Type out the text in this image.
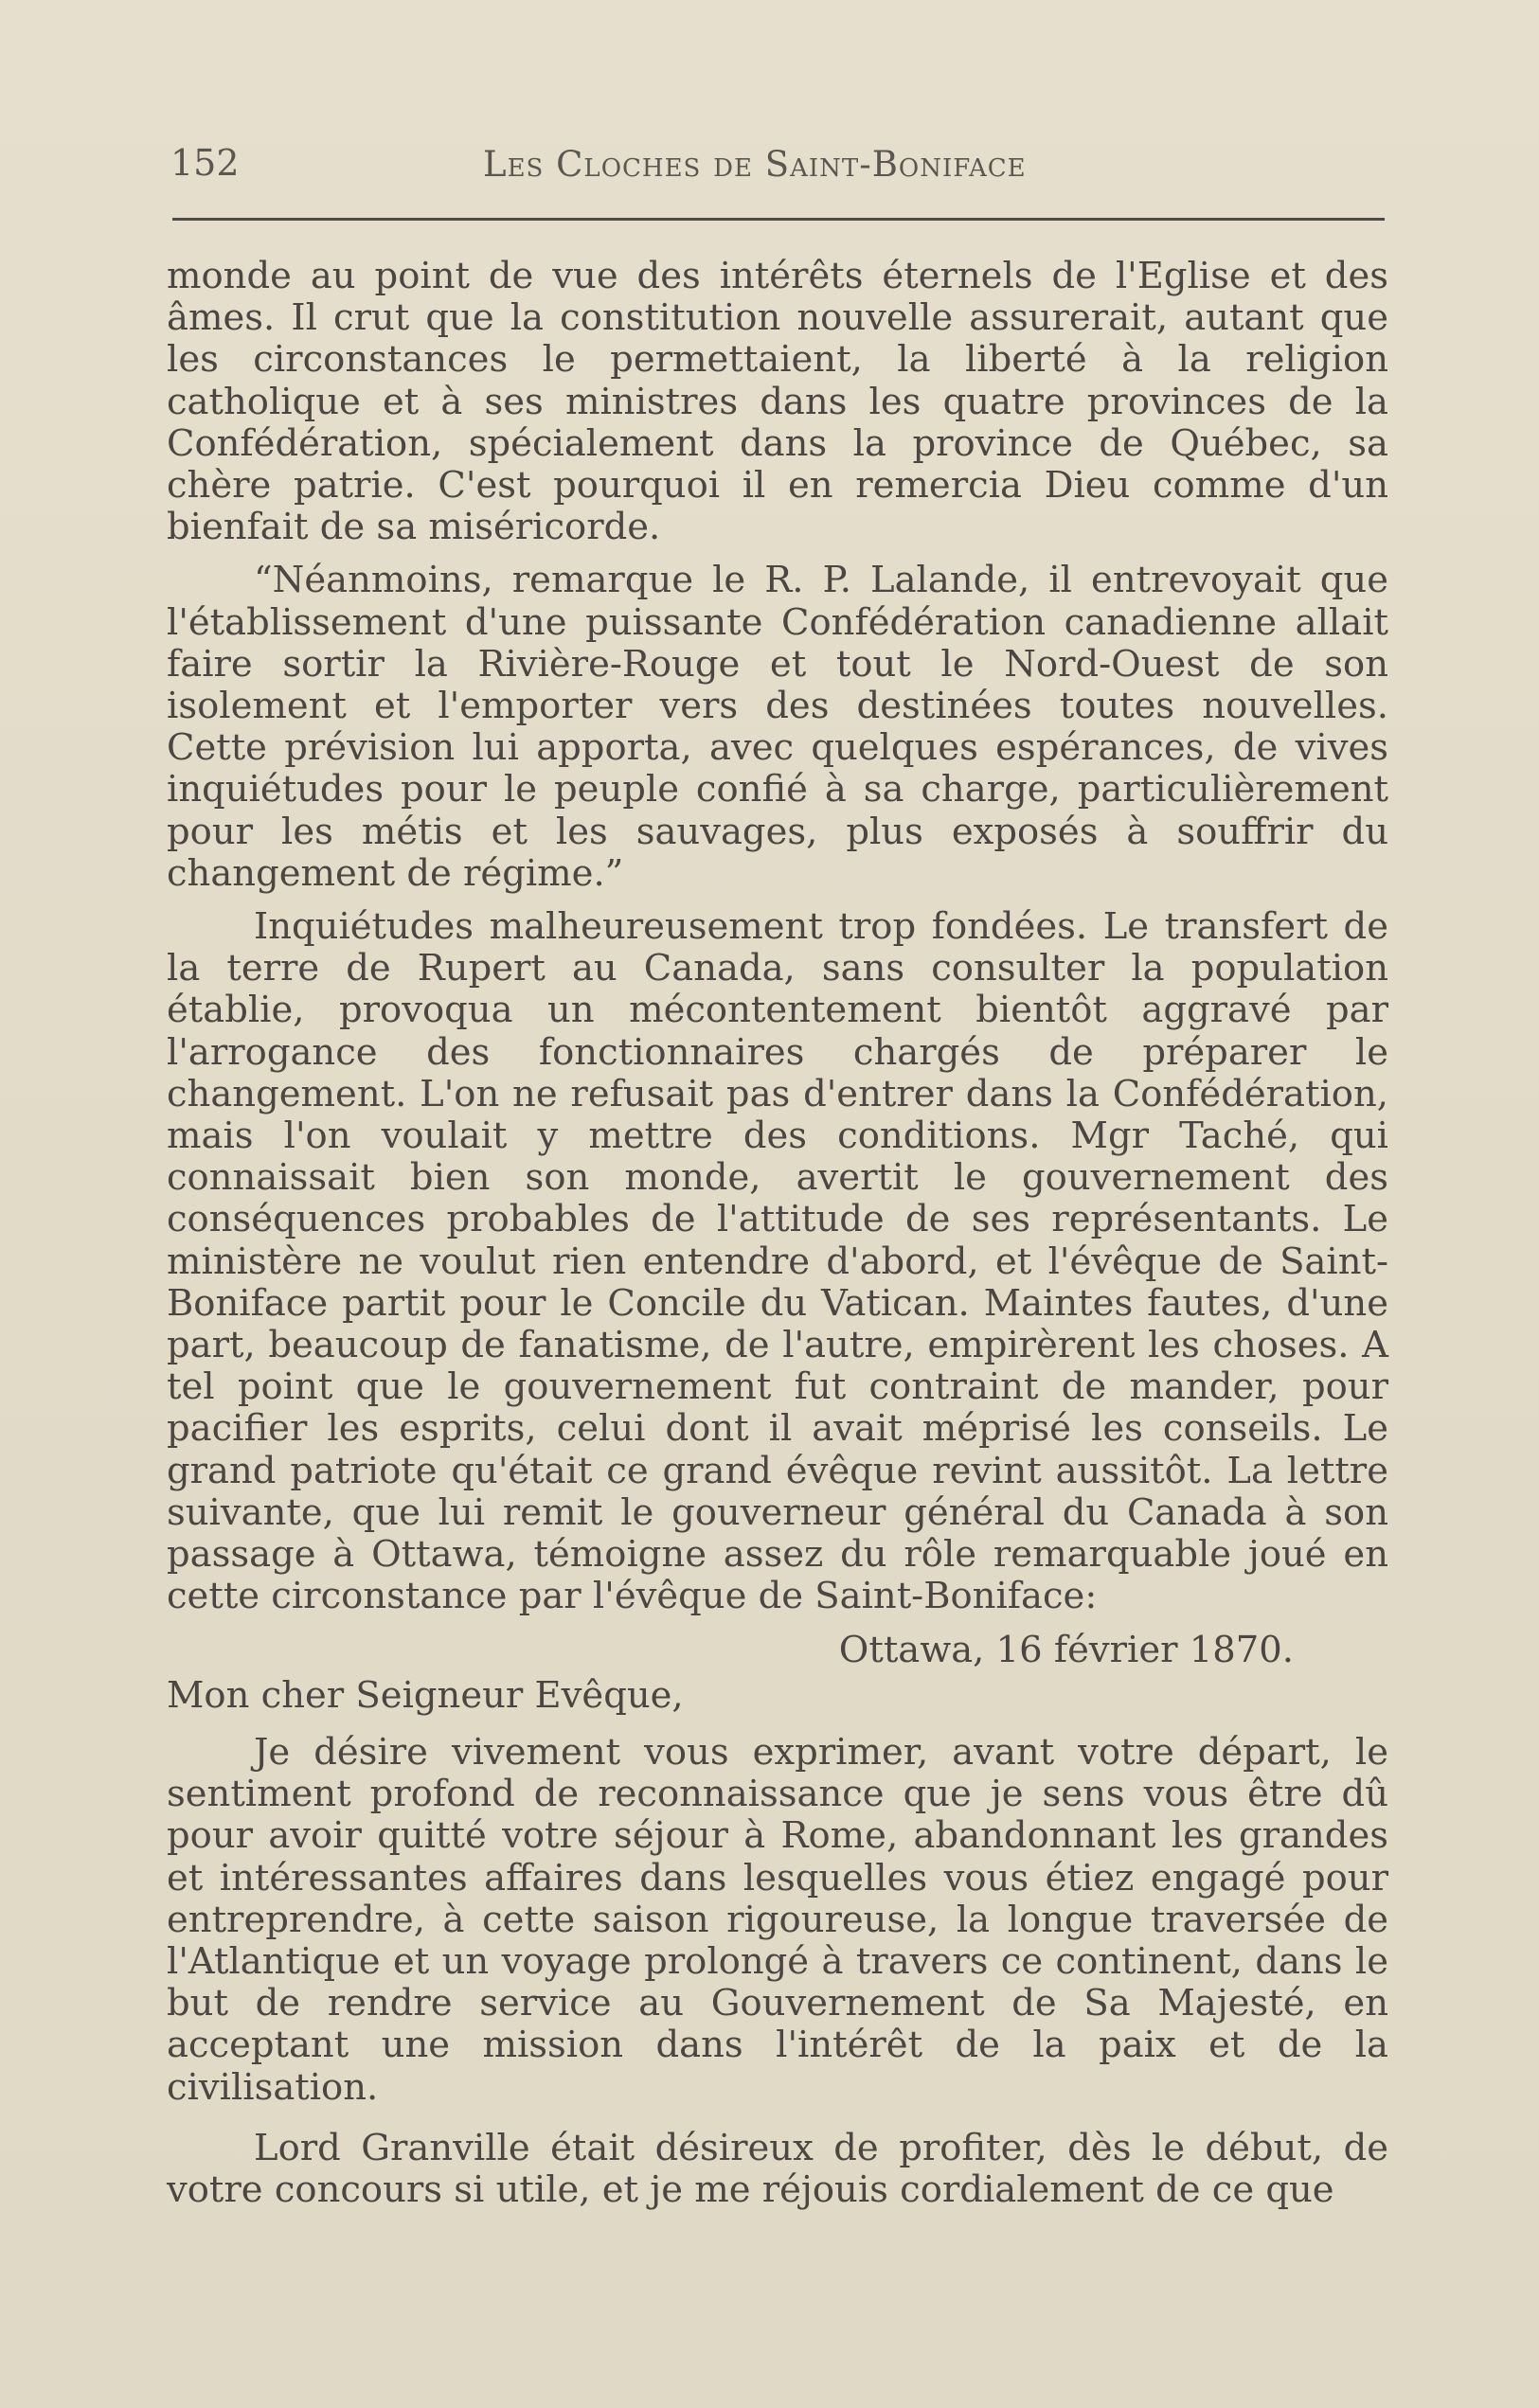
152	Les Cloches de Saint-Boniface

monde au point de vue des intérêts éternels de l'Eglise et des âmes. Il crut que la constitution nouvelle assurerait, autant que les circonstances le permettaient, la liberté à la religion catholique et à ses ministres dans les quatre provinces de la Confédération, spécialement dans la province de Québec, sa chère patrie. C'est pourquoi il en remercia Dieu comme d'un bienfait de sa miséricorde.

“Néanmoins, remarque le R. P. Lalande, il entrevoyait que l'établissement d'une puissante Confédération canadienne allait faire sortir la Rivière-Rouge et tout le Nord-Ouest de son isolement et l'emporter vers des destinées toutes nouvelles. Cette prévision lui apporta, avec quelques espérances, de vives inquiétudes pour le peuple confié à sa charge, particulièrement pour les métis et les sauvages, plus exposés à souffrir du changement de régime.”

Inquiétudes malheureusement trop fondées. Le transfert de la terre de Rupert au Canada, sans consulter la population établie, provoqua un mécontentement bientôt aggravé par l'arrogance des fonctionnaires chargés de préparer le changement. L'on ne refusait pas d'entrer dans la Confédération, mais l'on voulait y mettre des conditions. Mgr Taché, qui connaissait bien son monde, avertit le gouvernement des conséquences probables de l'attitude de ses représentants. Le ministère ne voulut rien entendre d'abord, et l'évêque de Saint-Boniface partit pour le Concile du Vatican. Maintes fautes, d'une part, beaucoup de fanatisme, de l'autre, empirèrent les choses. A tel point que le gouvernement fut contraint de mander, pour pacifier les esprits, celui dont il avait méprisé les conseils. Le grand patriote qu'était ce grand évêque revint aussitôt. La lettre suivante, que lui remit le gouverneur général du Canada à son passage à Ottawa, témoigne assez du rôle remarquable joué en cette circonstance par l'évêque de Saint-Boniface:

Ottawa, 16 février 1870.

Mon cher Seigneur Evêque,

Je désire vivement vous exprimer, avant votre départ, le sentiment profond de reconnaissance que je sens vous être dû pour avoir quitté votre séjour à Rome, abandonnant les grandes et intéressantes affaires dans lesquelles vous étiez engagé pour entreprendre, à cette saison rigoureuse, la longue traversée de l'Atlantique et un voyage prolongé à travers ce continent, dans le but de rendre service au Gouvernement de Sa Majesté, en acceptant une mission dans l'intérêt de la paix et de la civilisation.

Lord Granville était désireux de profiter, dès le début, de votre concours si utile, et je me réjouis cordialement de ce que
